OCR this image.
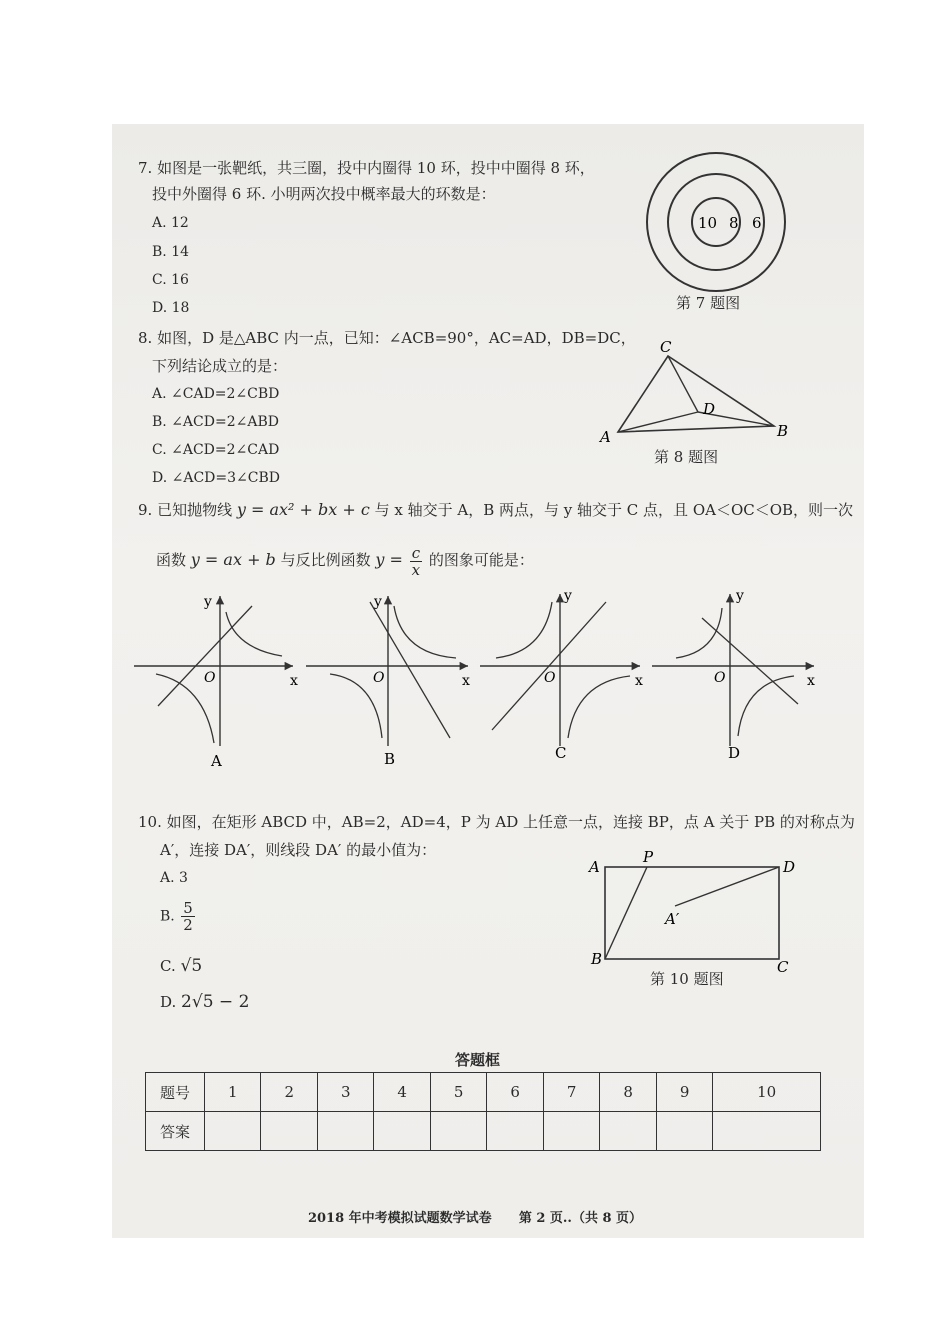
7. 如图是一张靶纸，共三圈，投中内圈得 10 环，投中中圈得 8 环，
投中外圈得 6 环. 小明两次投中概率最大的环数是：
A. 12
B. 14
C. 16
D. 18
10 8 6
第 7 题图
8. 如图，D 是△ABC 内一点，已知：∠ACB=90°，AC=AD，DB=DC，
下列结论成立的是：
A. ∠CAD=2∠CBD
B. ∠ACD=2∠ABD
C. ∠ACD=2∠CAD
D. ∠ACD=3∠CBD
A	B
C
D
第 8 题图
9. 已知抛物线 y = ax² + bx + c 与 x 轴交于 A，B 两点，与 y 轴交于 C 点，且 OA＜OC＜OB，则一次
函数 y = ax + b 与反比例函数 $y = \frac{c}{x}$ 的图象可能是：
O	x
y
A
O	x
y
B
O	x
y
C
O	x
y
D
10. 如图，在矩形 ABCD 中，AB=2，AD=4，P 为 AD 上任意一点，连接 BP，点 A 关于 PB 的对称点为
A′，连接 DA′，则线段 DA′ 的最小值为：
A. 3
B. $\frac{5}{2}$
C. √5
D. 2√5 − 2
A
P
D
A′
B	C
第 10 题图
答题框
题号	1	2	3	4	5	6	7	8	9	10
答案										
2018 年中考模拟试题数学试卷 第 2 页..（共 8 页）
